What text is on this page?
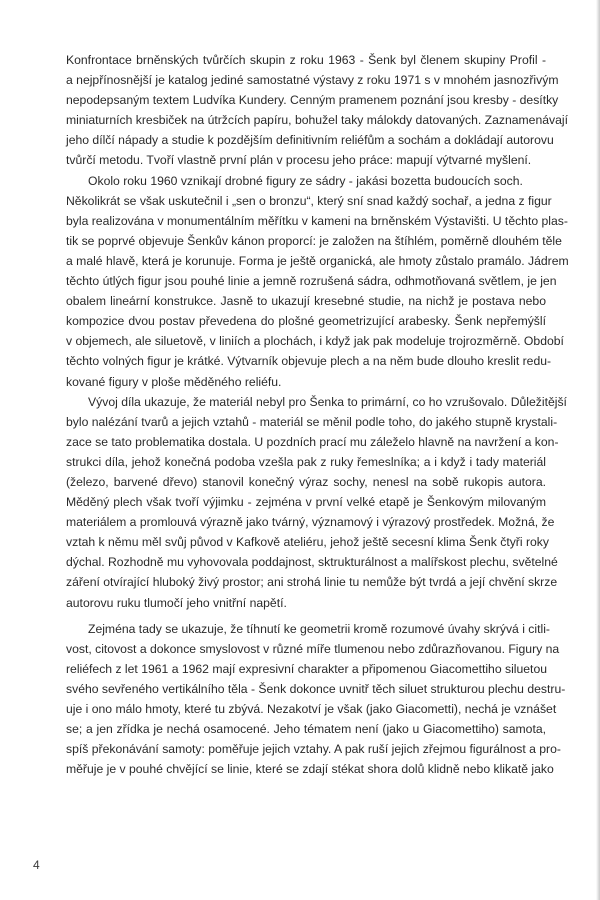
Konfrontace brněnských tvůrčích skupin z roku 1963 - Šenk byl členem skupiny Profil -
a nejpřínosnější je katalog jediné samostatné výstavy z roku 1971 s v mnohém jasnozřivým
nepodepsaným textem Ludvíka Kundery. Cenným pramenem poznání jsou kresby - desítky
miniaturních kresbiček na útržcích papíru, bohužel taky málokdy datovaných. Zaznamenávají
jeho dílčí nápady a studie k pozdějším definitivním reliéfům a sochám a dokládají autorovu
tvůrčí metodu. Tvoří vlastně první plán v procesu jeho práce: mapují výtvarné myšlení.
Okolo roku 1960 vznikají drobné figury ze sádry - jakási bozetta budoucích soch.
Několikrát se však uskutečnil i „sen o bronzu“, který sní snad každý sochař, a jedna z figur
byla realizována v monumentálním měřítku v kameni na brněnském Výstavišti. U těchto plas-
tik se poprvé objevuje Šenkův kánon proporcí: je založen na štíhlém, poměrně dlouhém těle
a malé hlavě, která je korunuje. Forma je ještě organická, ale hmoty zůstalo pramálo. Jádrem
těchto útlých figur jsou pouhé linie a jemně rozrušená sádra, odhmotňovaná světlem, je jen
obalem lineární konstrukce. Jasně to ukazují kresebné studie, na nichž je postava nebo
kompozice dvou postav převedena do plošné geometrizující arabesky. Šenk nepřemýšlí
v objemech, ale siluetově, v liniích a plochách, i když jak pak modeluje trojrozměrně. Období
těchto volných figur je krátké. Výtvarník objevuje plech a na něm bude dlouho kreslit redu-
kované figury v ploše měděného reliéfu.
Vývoj díla ukazuje, že materiál nebyl pro Šenka to primární, co ho vzrušovalo. Důležitější
bylo nalézání tvarů a jejich vztahů - materiál se měnil podle toho, do jakého stupně krystali-
zace se tato problematika dostala. U pozdních prací mu záleželo hlavně na navržení a kon-
strukci díla, jehož konečná podoba vzešla pak z ruky řemeslníka; a i když i tady materiál
(železo, barvené dřevo) stanovil konečný výraz sochy, nenesl na sobě rukopis autora.
Měděný plech však tvoří výjimku - zejména v první velké etapě je Šenkovým milovaným
materiálem a promlouvá výrazně jako tvárný, významový i výrazový prostředek. Možná, že
vztah k němu měl svůj původ v Kafkově ateliéru, jehož ještě secesní klima Šenk čtyři roky
dýchal. Rozhodně mu vyhovovala poddajnost, sktrukturálnost a malířskost plechu, světelné
záření otvírající hluboký živý prostor; ani strohá linie tu nemůže být tvrdá a její chvění skrze
autorovu ruku tlumočí jeho vnitřní napětí.
Zejména tady se ukazuje, že tíhnutí ke geometrii kromě rozumové úvahy skrývá i citli-
vost, citovost a dokonce smyslovost v různé míře tlumenou nebo zdůrazňovanou. Figury na
reliéfech z let 1961 a 1962 mají expresivní charakter a připomenou Giacomettiho siluetou
svého sevřeného vertikálního těla - Šenk dokonce uvnitř těch siluet strukturou plechu destru-
uje i ono málo hmoty, které tu zbývá. Nezakotví je však (jako Giacometti), nechá je vznášet
se; a jen zřídka je nechá osamocené. Jeho tématem není (jako u Giacomettiho) samota,
spíš překonávání samoty: poměřuje jejich vztahy. A pak ruší jejich zřejmou figurálnost a pro-
měřuje je v pouhé chvějící se linie, které se zdají stékat shora dolů klidně nebo klikatě jako
4
